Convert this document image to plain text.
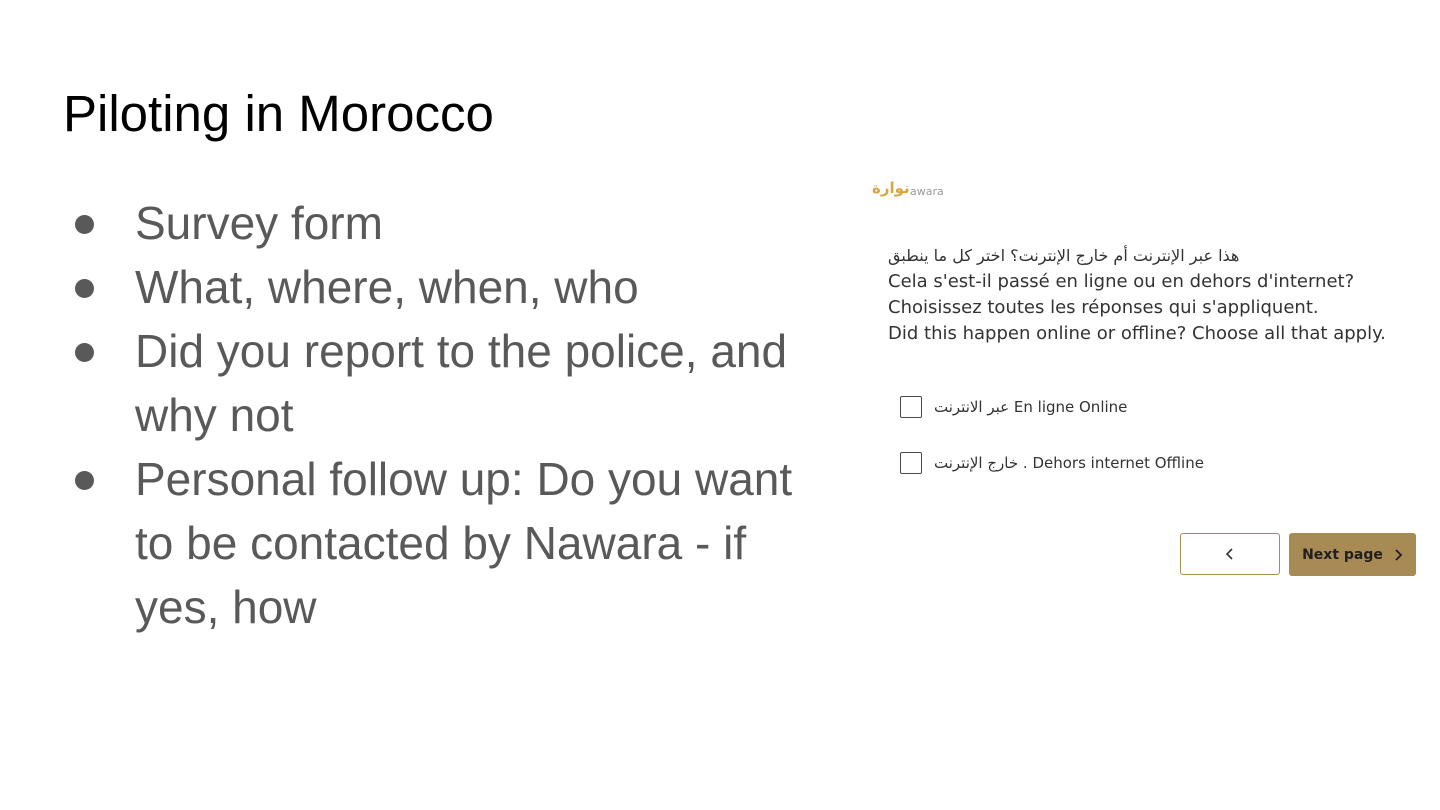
Piloting in Morocco
Survey form
What, where, when, who
Did you report to the police, and why not
Personal follow up: Do you want to be contacted by Nawara - if yes, how
نوارة awara

هذا عبر الإنترنت أم خارج الإنترنت؟ اختر كل ما ينطبق

Cela s'est-il passé en ligne ou en dehors d'internet? Choisissez toutes les réponses qui s'appliquent.

Did this happen online or offline? Choose all that apply.

عبر الانترنت En ligne Online
خارج الإنترنت . Dehors internet Offline
Next page
